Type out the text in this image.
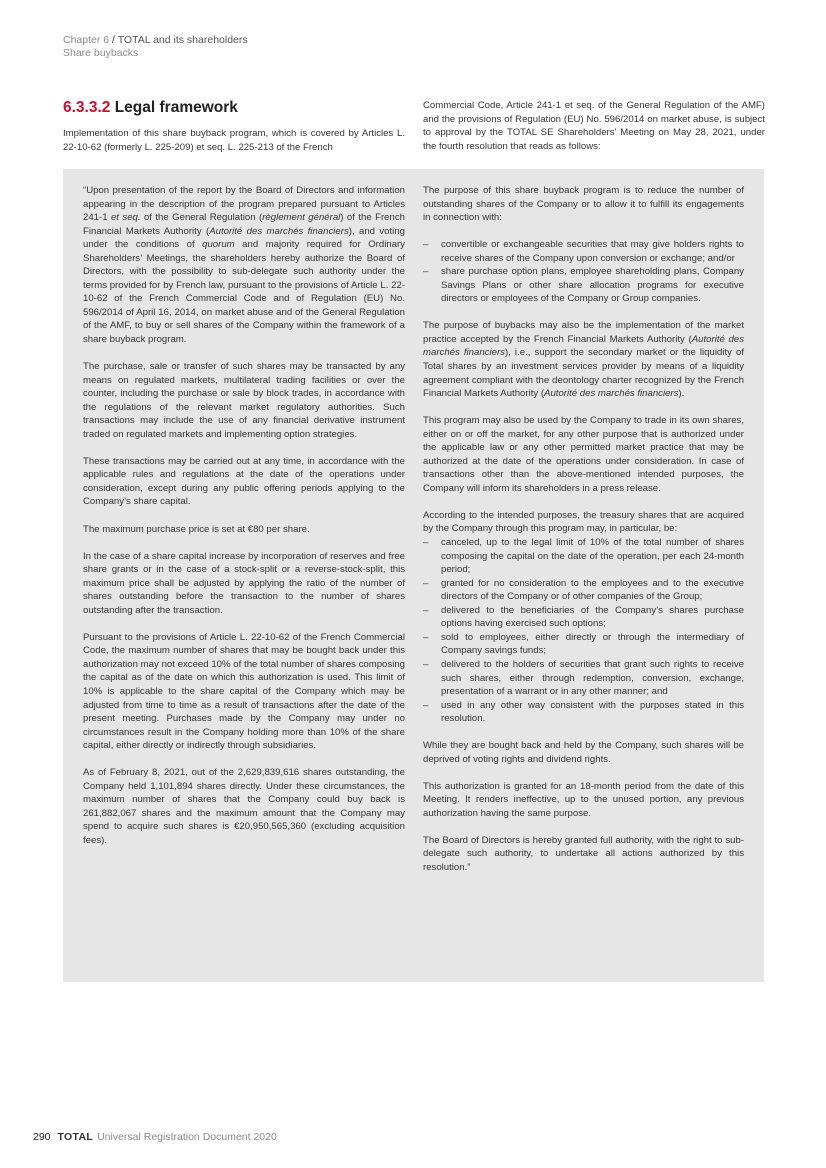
Chapter 6 / TOTAL and its shareholders
Share buybacks
6.3.3.2 Legal framework
Implementation of this share buyback program, which is covered by Articles L. 22-10-62 (formerly L. 225-209) et seq. L. 225-213 of the French
Commercial Code, Article 241-1 et seq. of the General Regulation of the AMF) and the provisions of Regulation (EU) No. 596/2014 on market abuse, is subject to approval by the TOTAL SE Shareholders’ Meeting on May 28, 2021, under the fourth resolution that reads as follows:

“Upon presentation of the report by the Board of Directors and information appearing in the description of the program prepared pursuant to Articles 241-1 et seq. of the General Regulation (règlement général) of the French Financial Markets Authority (Autorité des marchés financiers), and voting under the conditions of quorum and majority required for Ordinary Shareholders’ Meetings, the shareholders hereby authorize the Board of Directors, with the possibility to sub-delegate such authority under the terms provided for by French law, pursuant to the provisions of Article L. 22-10-62 of the French Commercial Code and of Regulation (EU) No. 596/2014 of April 16, 2014, on market abuse and of the General Regulation of the AMF, to buy or sell shares of the Company within the framework of a share buyback program.

The purchase, sale or transfer of such shares may be transacted by any means on regulated markets, multilateral trading facilities or over the counter, including the purchase or sale by block trades, in accordance with the regulations of the relevant market regulatory authorities. Such transactions may include the use of any financial derivative instrument traded on regulated markets and implementing option strategies.

These transactions may be carried out at any time, in accordance with the applicable rules and regulations at the date of the operations under consideration, except during any public offering periods applying to the Company’s share capital.

The maximum purchase price is set at €80 per share.

In the case of a share capital increase by incorporation of reserves and free share grants or in the case of a stock-split or a reverse-stock-split, this maximum price shall be adjusted by applying the ratio of the number of shares outstanding before the transaction to the number of shares outstanding after the transaction.

Pursuant to the provisions of Article L. 22-10-62 of the French Commercial Code, the maximum number of shares that may be bought back under this authorization may not exceed 10% of the total number of shares composing the capital as of the date on which this authorization is used. This limit of 10% is applicable to the share capital of the Company which may be adjusted from time to time as a result of transactions after the date of the present meeting. Purchases made by the Company may under no circumstances result in the Company holding more than 10% of the share capital, either directly or indirectly through subsidiaries.

As of February 8, 2021, out of the 2,629,839,616 shares outstanding, the Company held 1,101,894 shares directly. Under these circumstances, the maximum number of shares that the Company could buy back is 261,882,067 shares and the maximum amount that the Company may spend to acquire such shares is €20,950,565,360 (excluding acquisition fees).

The purpose of this share buyback program is to reduce the number of outstanding shares of the Company or to allow it to fulfill its engagements in connection with:

– convertible or exchangeable securities that may give holders rights to receive shares of the Company upon conversion or exchange; and/or
– share purchase option plans, employee shareholding plans, Company Savings Plans or other share allocation programs for executive directors or employees of the Company or Group companies.

The purpose of buybacks may also be the implementation of the market practice accepted by the French Financial Markets Authority (Autorité des marchés financiers), i.e., support the secondary market or the liquidity of Total shares by an investment services provider by means of a liquidity agreement compliant with the deontology charter recognized by the French Financial Markets Authority (Autorité des marchés financiers).

This program may also be used by the Company to trade in its own shares, either on or off the market, for any other purpose that is authorized under the applicable law or any other permitted market practice that may be authorized at the date of the operations under consideration. In case of transactions other than the above-mentioned intended purposes, the Company will inform its shareholders in a press release.

According to the intended purposes, the treasury shares that are acquired by the Company through this program may, in particular, be:

– canceled, up to the legal limit of 10% of the total number of shares composing the capital on the date of the operation, per each 24-month period;
– granted for no consideration to the employees and to the executive directors of the Company or of other companies of the Group;
– delivered to the beneficiaries of the Company’s shares purchase options having exercised such options;
– sold to employees, either directly or through the intermediary of Company savings funds;
– delivered to the holders of securities that grant such rights to receive such shares, either through redemption, conversion, exchange, presentation of a warrant or in any other manner; and
– used in any other way consistent with the purposes stated in this resolution.

While they are bought back and held by the Company, such shares will be deprived of voting rights and dividend rights.

This authorization is granted for an 18-month period from the date of this Meeting. It renders ineffective, up to the unused portion, any previous authorization having the same purpose.

The Board of Directors is hereby granted full authority, with the right to sub-delegate such authority, to undertake all actions authorized by this resolution.”

290 TOTAL Universal Registration Document 2020
